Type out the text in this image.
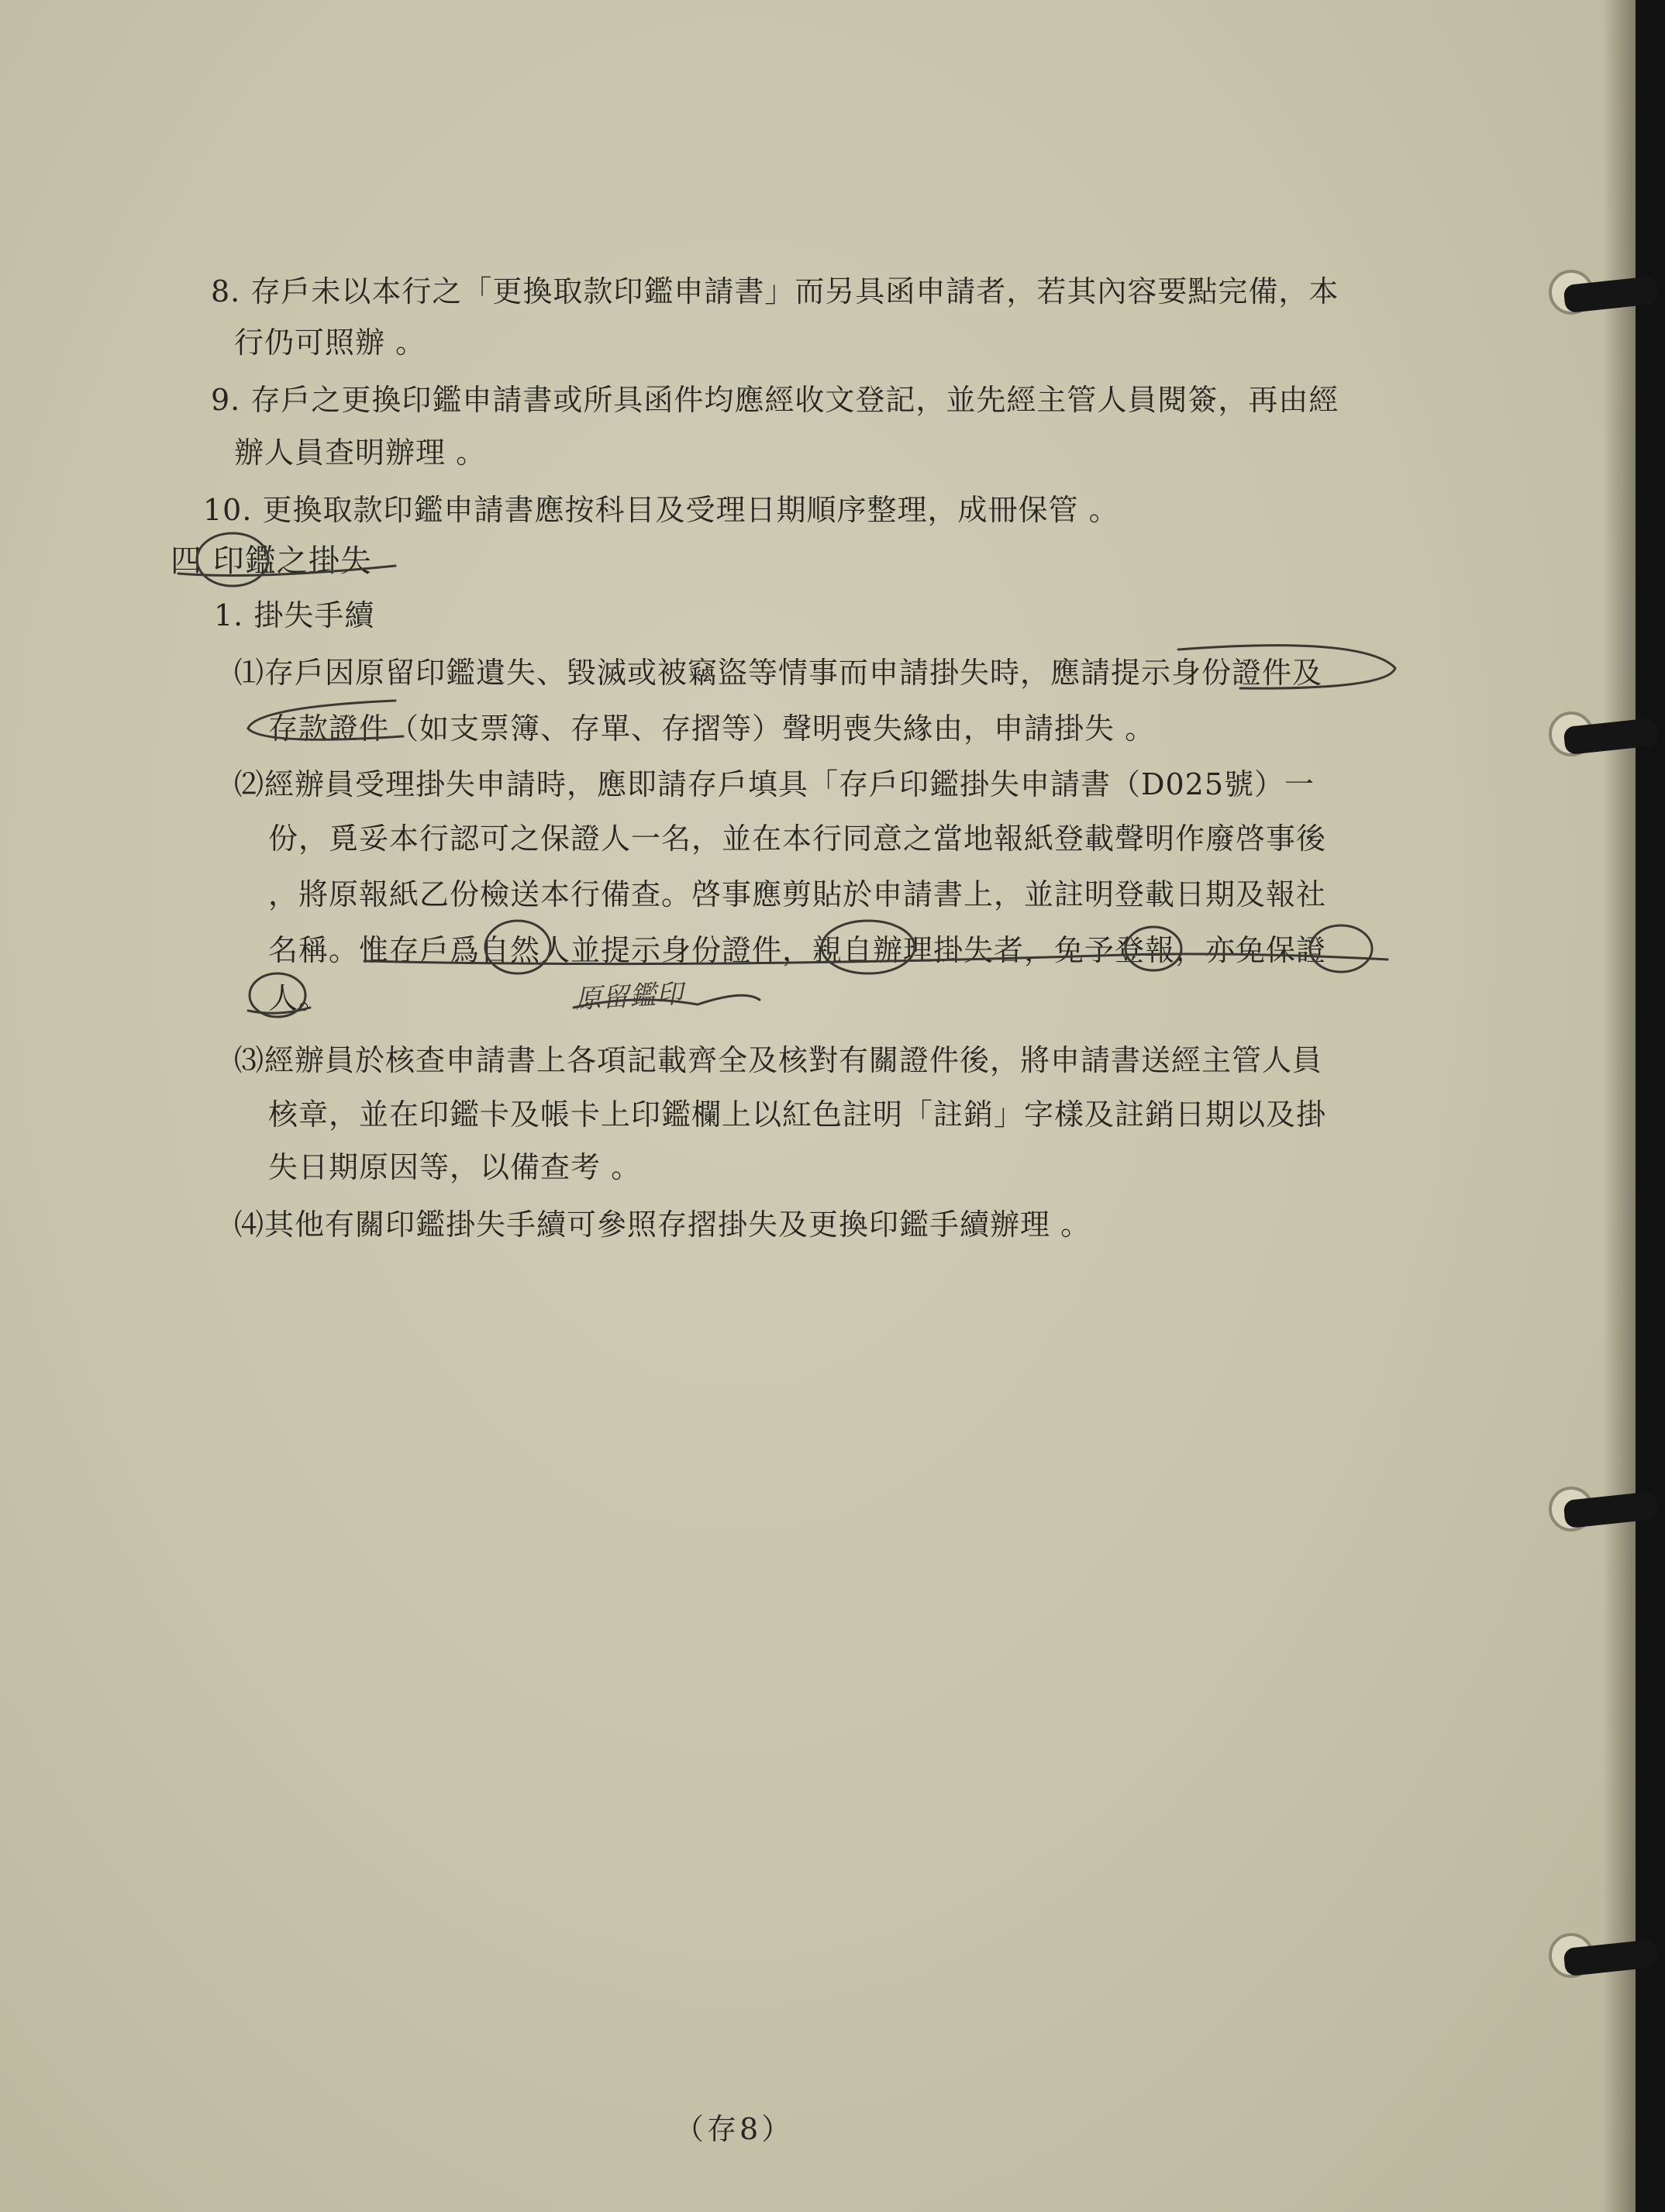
8. 存戶未以本行之「更換取款印鑑申請書」而另具函申請者，若其內容要點完備，本
行仍可照辦 。
9. 存戶之更換印鑑申請書或所具函件均應經收文登記，並先經主管人員閱簽，再由經
辦人員查明辦理 。
10. 更換取款印鑑申請書應按科目及受理日期順序整理，成冊保管 。
四 印鑑之掛失
1. 掛失手續
⑴存戶因原留印鑑遺失、毀滅或被竊盜等情事而申請掛失時，應請提示身份證件及
存款證件（如支票簿、存單、存摺等）聲明喪失緣由，申請掛失 。
⑵經辦員受理掛失申請時，應即請存戶填具「存戶印鑑掛失申請書（D025號）一
份，覓妥本行認可之保證人一名，並在本行同意之當地報紙登載聲明作廢啓事後
，將原報紙乙份檢送本行備查。啓事應剪貼於申請書上，並註明登載日期及報社
名稱。惟存戶爲自然人並提示身份證件，親自辦理掛失者，免予登報，亦免保證
人。
⑶經辦員於核查申請書上各項記載齊全及核對有關證件後，將申請書送經主管人員
核章，並在印鑑卡及帳卡上印鑑欄上以紅色註明「註銷」字樣及註銷日期以及掛
失日期原因等，以備查考 。
⑷其他有關印鑑掛失手續可參照存摺掛失及更換印鑑手續辦理 。
（存8）
原留鑑印
